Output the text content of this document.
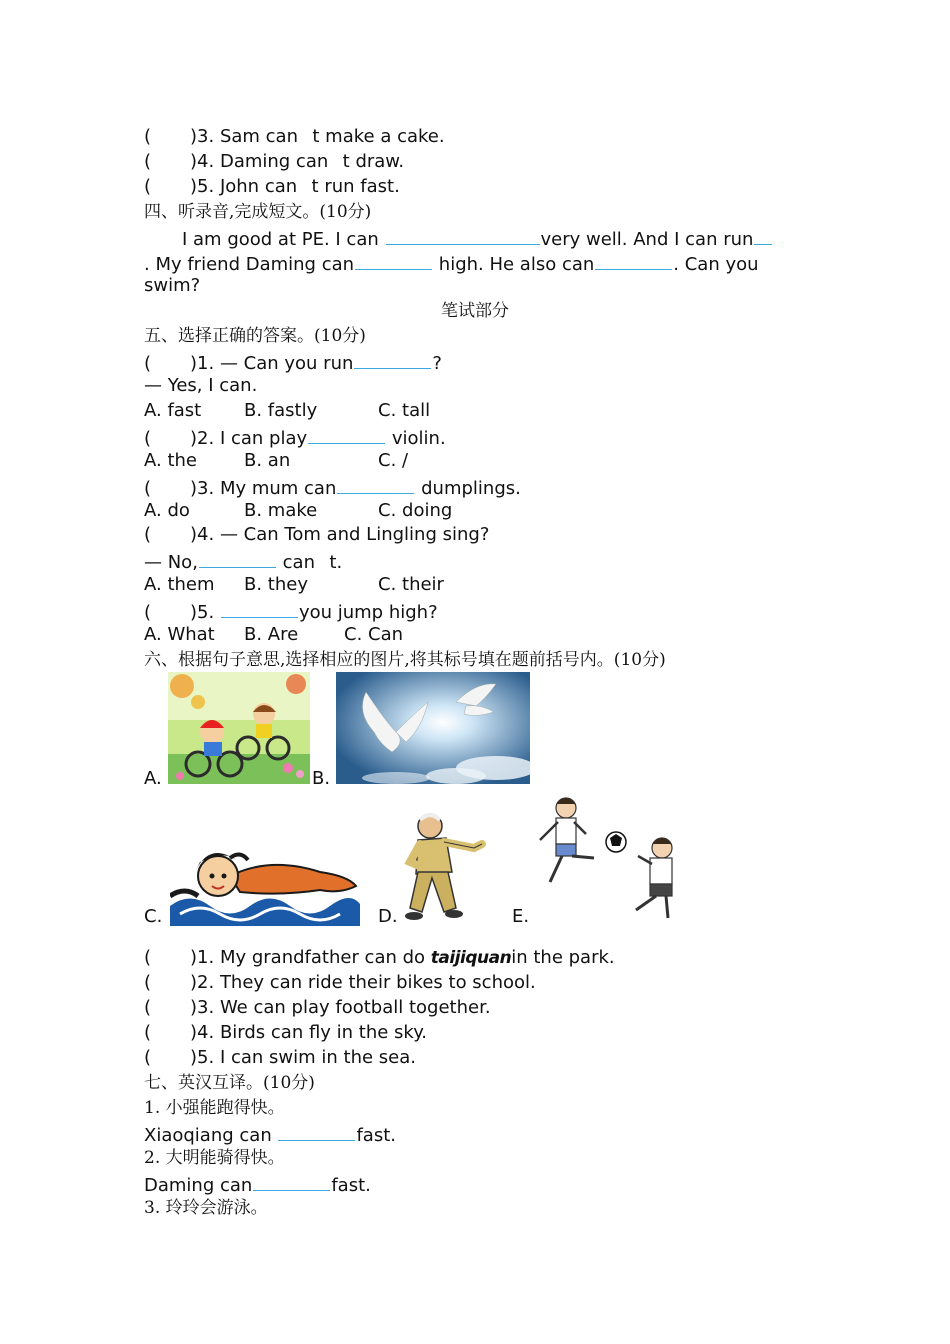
( )3. Sam cant make a cake.
( )4. Daming cant draw.
( )5. John cant run fast.
四、听录音,完成短文。(10分)
I am good at PE. I can	very well. And I can run
. My friend Daming can	high. He also can	. Can you
swim?
笔试部分
五、选择正确的答案。(10分)
( )1. — Can you run	?
— Yes, I can.
A. fast B. fastly	C. tall
( )2. I can play	violin.
A. the	B. an	C. /
( )3. My mum can	dumplings.
A. do	B. make	C. doing
( )4. — Can Tom and Lingling sing?
— No,	cant.
A. them B. they	C. their
( )5.	you jump high?
A. What B. Are	C. Can
六、根据句子意思,选择相应的图片,将其标号填在题前括号内。(10分)
A.	B.
C.	D.	E.
( )1. My grandfather can do taijiquanin the park.
( )2. They can ride their bikes to school.
( )3. We can play football together.
( )4. Birds can fly in the sky.
( )5. I can swim in the sea.
七、英汉互译。(10分)
1. 小强能跑得快。
Xiaoqiang can	fast.
2. 大明能骑得快。
Daming can	fast.
3. 玲玲会游泳。
